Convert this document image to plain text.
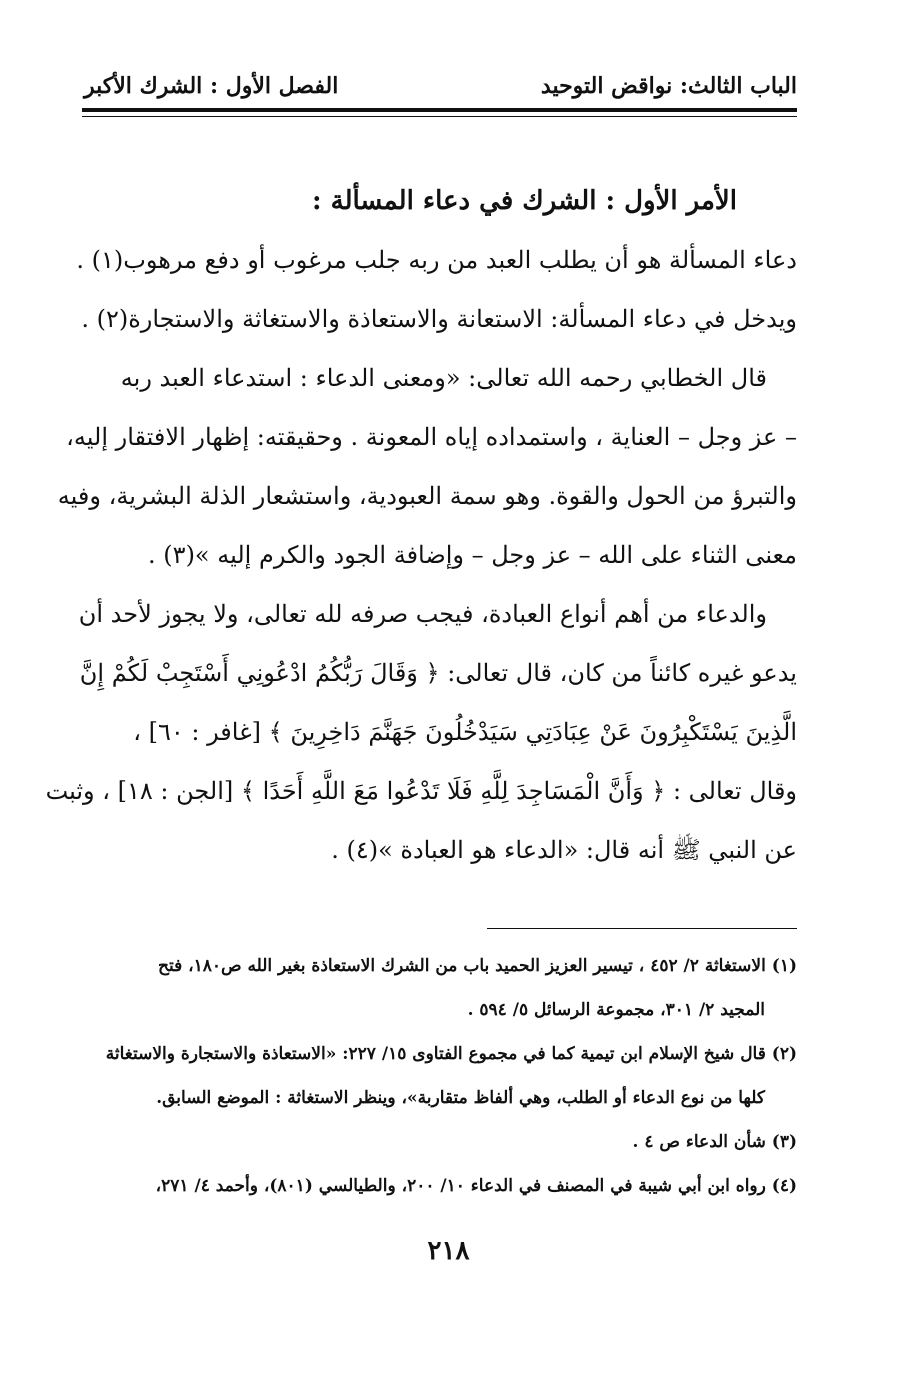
الباب الثالث: نواقض التوحيد
الفصل الأول : الشرك الأكبر
الأمر الأول : الشرك في دعاء المسألة :
دعاء المسألة هو أن يطلب العبد من ربه جلب مرغوب أو دفع مرهوب(١) .
ويدخل في دعاء المسألة: الاستعانة والاستعاذة والاستغاثة والاستجارة(٢) .
قال الخطابي رحمه الله تعالى: «ومعنى الدعاء : استدعاء العبد ربه
– عز وجل – العناية ، واستمداده إياه المعونة . وحقيقته: إظهار الافتقار إليه،
والتبرؤ من الحول والقوة. وهو سمة العبودية، واستشعار الذلة البشرية، وفيه
معنى الثناء على الله – عز وجل – وإضافة الجود والكرم إليه »(٣) .
والدعاء من أهم أنواع العبادة، فيجب صرفه لله تعالى، ولا يجوز لأحد أن
يدعو غيره كائناً من كان، قال تعالى: ﴿ وَقَالَ رَبُّكُمُ ادْعُونِي أَسْتَجِبْ لَكُمْ إِنَّ
الَّذِينَ يَسْتَكْبِرُونَ عَنْ عِبَادَتِي سَيَدْخُلُونَ جَهَنَّمَ دَاخِرِينَ ﴾ [غافر : ٦٠] ،
وقال تعالى : ﴿ وَأَنَّ الْمَسَاجِدَ لِلَّهِ فَلَا تَدْعُوا مَعَ اللَّهِ أَحَدًا ﴾ [الجن : ١٨] ، وثبت
عن النبي ﷺ أنه قال: «الدعاء هو العبادة »(٤) .
(١) الاستغاثة ٢/ ٤٥٢ ، تيسير العزيز الحميد باب من الشرك الاستعاذة بغير الله ص١٨٠، فتح
المجيد ٢/ ٣٠١، مجموعة الرسائل ٥/ ٥٩٤ .
(٢) قال شيخ الإسلام ابن تيمية كما في مجموع الفتاوى ١٥/ ٢٢٧: «الاستعاذة والاستجارة والاستغاثة
كلها من نوع الدعاء أو الطلب، وهي ألفاظ متقاربة»، وينظر الاستغاثة : الموضع السابق.
(٣) شأن الدعاء ص ٤ .
(٤) رواه ابن أبي شيبة في المصنف في الدعاء ١٠/ ٢٠٠، والطيالسي (٨٠١)، وأحمد ٤/ ٢٧١،
٢١٨
